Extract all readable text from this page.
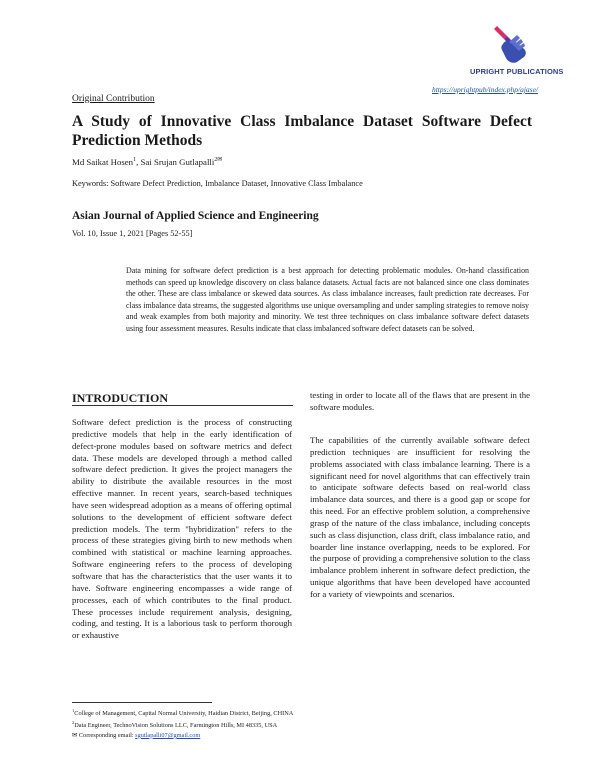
UPRIGHT PUBLICATIONS
https://uprightpub/index.php/ajase/
Original Contribution
A Study of Innovative Class Imbalance Dataset Software Defect Prediction Methods
Md Saikat Hosen$^1$, Sai Srujan Gutlapalli$^{2✉}$
Keywords: Software Defect Prediction, Imbalance Dataset, Innovative Class Imbalance
Asian Journal of Applied Science and Engineering
Vol. 10, Issue 1, 2021 [Pages 52-55]

Data mining for software defect prediction is a best approach for detecting problematic modules. On-hand classification methods can speed up knowledge discovery on class balance datasets. Actual facts are not balanced since one class dominates the other. These are class imbalance or skewed data sources. As class imbalance increases, fault prediction rate decreases. For class imbalance data streams, the suggested algorithms use unique oversampling and under sampling strategies to remove noisy and weak examples from both majority and minority. We test three techniques on class imbalance software defect datasets using four assessment measures. Results indicate that class imbalanced software defect datasets can be solved.

INTRODUCTION

Software defect prediction is the process of constructing predictive models that help in the early identification of defect-prone modules based on software metrics and defect data. These models are developed through a method called software defect prediction. It gives the project managers the ability to distribute the available resources in the most effective manner. In recent years, search-based techniques have seen widespread adoption as a means of offering optimal solutions to the development of efficient software defect prediction models. The term "hybridization" refers to the process of these strategies giving birth to new methods when combined with statistical or machine learning approaches. Software engineering refers to the process of developing software that has the characteristics that the user wants it to have. Software engineering encompasses a wide range of processes, each of which contributes to the final product. These processes include requirement analysis, designing, coding, and testing. It is a laborious task to perform thorough or exhaustive

testing in order to locate all of the flaws that are present in the software modules.

The capabilities of the currently available software defect prediction techniques are insufficient for resolving the problems associated with class imbalance learning. There is a significant need for novel algorithms that can effectively train to anticipate software defects based on real-world class imbalance data sources, and there is a good gap or scope for this need. For an effective problem solution, a comprehensive grasp of the nature of the class imbalance, including concepts such as class disjunction, class drift, class imbalance ratio, and boarder line instance overlapping, needs to be explored. For the purpose of providing a comprehensive solution to the class imbalance problem inherent in software defect prediction, the unique algorithms that have been developed have accounted for a variety of viewpoints and scenarios.

$^1$College of Management, Capital Normal University, Haidian District, Beijing, CHINA
$^2$Data Engineer, TechnoVision Solutions LLC, Farmington Hills, MI 48335, USA
✉ Corresponding email: sgutlapalli07@gmail.com
